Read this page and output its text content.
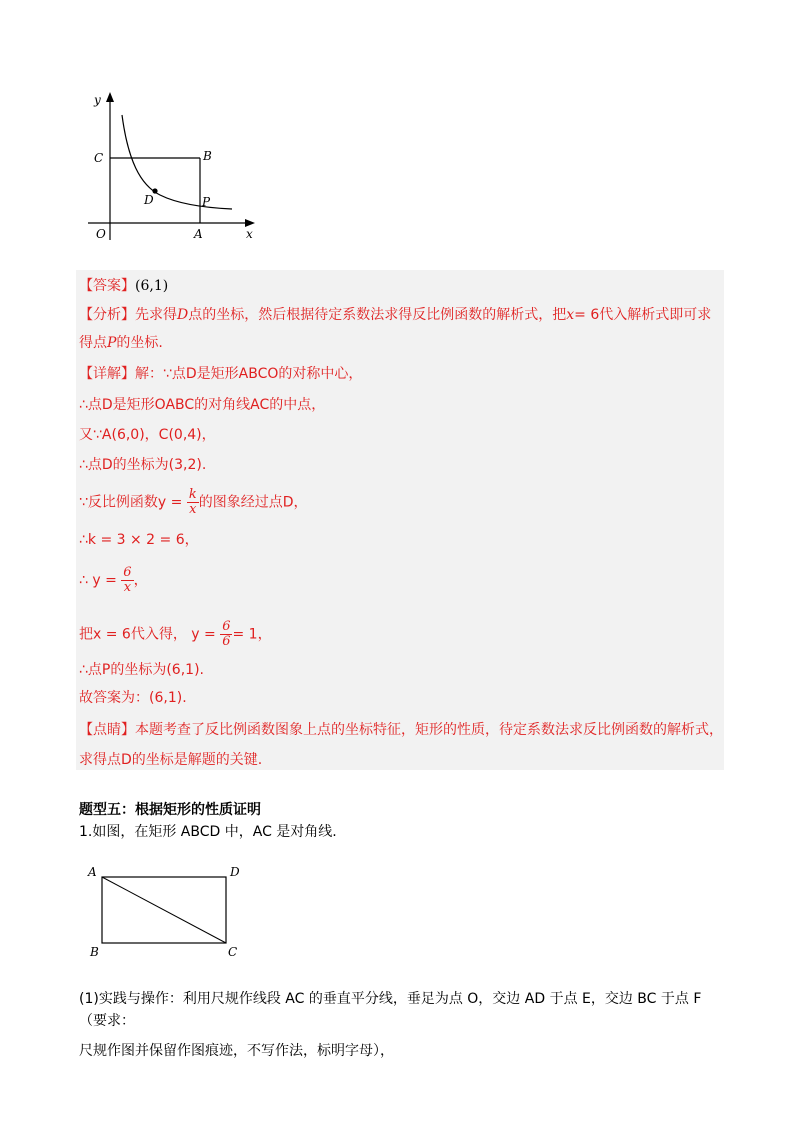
y
C	B
D	P
O	A	x
【答案】(6,1)
【分析】先求得D点的坐标，然后根据待定系数法求得反比例函数的解析式，把x= 6代入解析式即可求
得点P的坐标.
【详解】解：∵点D是矩形ABCO的对称中心，
∴点D是矩形OABC的对角线AC的中点，
又∵A(6,0)，C(0,4)，
∴点D的坐标为(3,2).
∵反比例函数$y = \frac{k}{x}$ 的图象经过点D，
∴k = 3 × 2 = 6，
∴ $y = \frac{6}{x}$ ，
把x = 6代入得， $y = \frac{6}{6} = 1$，
∴点P的坐标为(6,1).
故答案为：(6,1).
【点睛】本题考查了反比例函数图象上点的坐标特征，矩形的性质，待定系数法求反比例函数的解析式，
求得点D的坐标是解题的关键.
题型五：根据矩形的性质证明
1.如图，在矩形 ABCD 中，AC 是对角线.
A	D
B	C
(1)实践与操作：利用尺规作线段 AC 的垂直平分线，垂足为点 O，交边 AD 于点 E，交边 BC 于点 F（要求：
尺规作图并保留作图痕迹，不写作法，标明字母），
